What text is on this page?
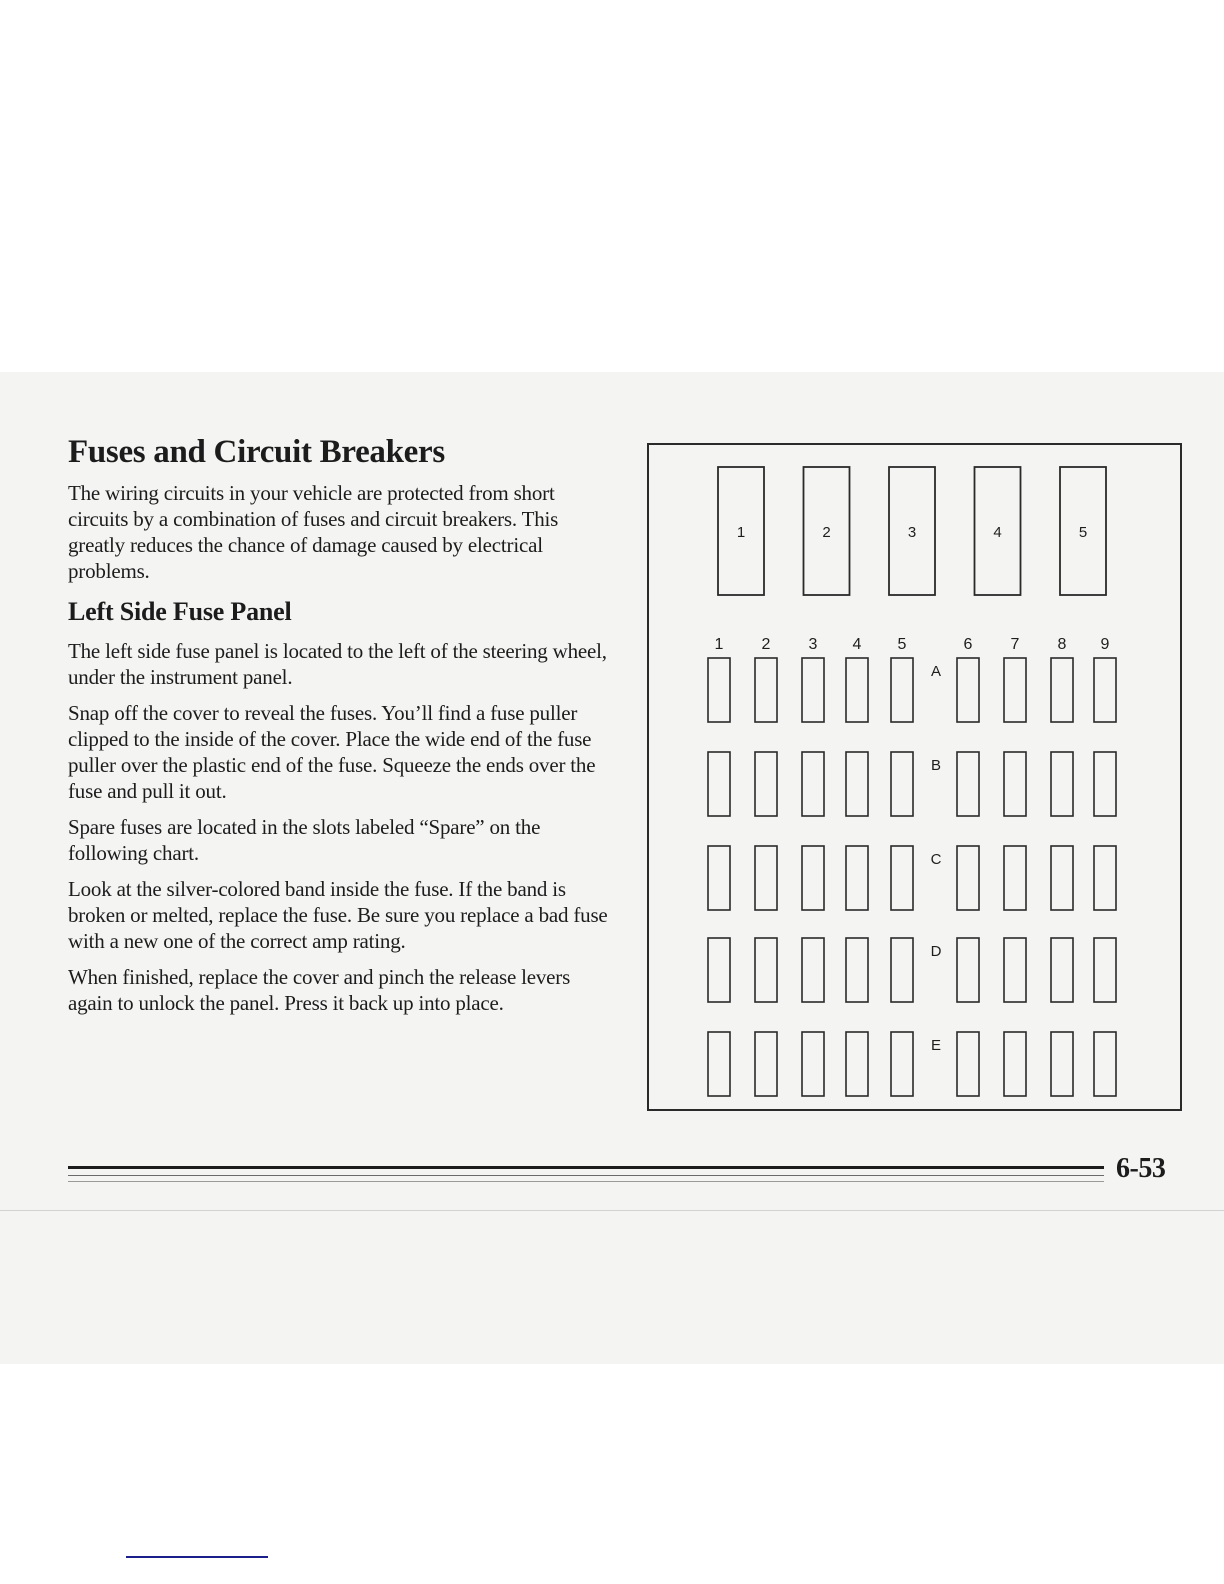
Fuses and Circuit Breakers

The wiring circuits in your vehicle are protected from short circuits by a combination of fuses and circuit breakers. This greatly reduces the chance of damage caused by electrical problems.

Left Side Fuse Panel

The left side fuse panel is located to the left of the steering wheel, under the instrument panel.

Snap off the cover to reveal the fuses. You’ll find a fuse puller clipped to the inside of the cover. Place the wide end of the fuse puller over the plastic end of the fuse. Squeeze the ends over the fuse and pull it out.

Spare fuses are located in the slots labeled “Spare” on the following chart.

Look at the silver-colored band inside the fuse. If the band is broken or melted, replace the fuse. Be sure you replace a bad fuse with a new one of the correct amp rating.

When finished, replace the cover and pinch the release levers again to unlock the panel. Press it back up into place.

1	2	3	4	5
1 2 3 4 5	6 7 8 9
A
B
C
D
E
6-53
